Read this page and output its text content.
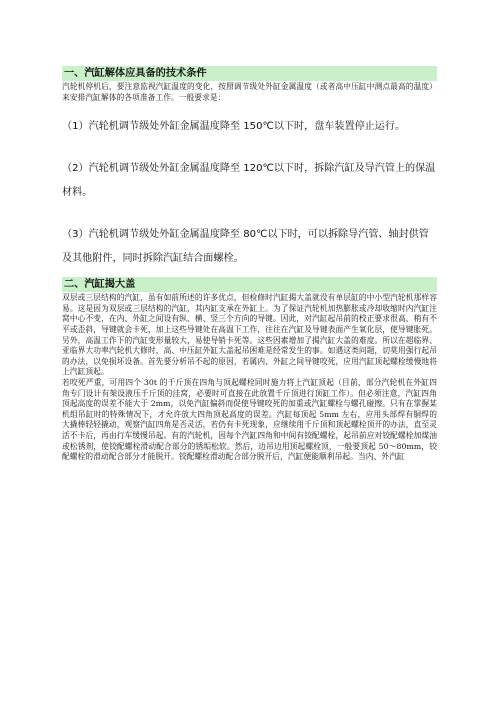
一、汽缸解体应具备的技术条件

汽轮机停机后，要注意监视汽缸温度的变化，按照调节级处外缸金属温度（或者高中压缸中测点最高的温度）来安排汽缸解体的各项准备工作。一般要求是：

（1）汽轮机调节级处外缸金属温度降至 150℃以下时，盘车装置停止运行。

（2）汽轮机调节级处外缸金属温度降至 120℃以下时，拆除汽缸及导汽管上的保温材料。

（3）汽轮机调节级处外缸金属温度降至 80℃以下时，可以拆除导汽管、轴封供管及其他附件，同时拆除汽缸结合面螺栓。

二、汽缸揭大盖

双层或三层结构的汽缸，虽有如前所述的许多优点，但检修时汽缸揭大盖就没有单层缸的中小型汽轮机那样容易。这是因为双层或三层结构的汽缸，其内缸支承在外缸上。为了保证汽轮机加热膨胀或冷却收缩时内汽缸注窝中心不变，在内、外缸之间设有纵、横、竖三个方向的导键。因此，对汽缸起吊前的校正要求很高，稍有不平或歪斜，导键就会卡死，加上这些导键处在高温下工作，往往在汽缸及导键表面产生氧化层，使导键胀死。另外，高温工作下的汽缸变形量较大，易使导销卡死等。这些因素增加了揭汽缸大盖的难度。所以在超临界、亚临界大功率汽轮机大修时，高、中压缸外缸大盖起吊困难是经常发生的事。如遇这类问题，切莫用强行起吊的办法，以免损坏设备。首先要分析吊不起的原因，若属内、外缸之间导键咬死，应用汽缸顶起螺栓缓慢地将上汽缸顶起。

若咬死严重，可用四个 30t 的千斤顶在四角与顶起螺栓同时施力将上汽缸顶起（目前，部分汽轮机在外缸四角专门设计有架设液压千斤顶的洼窝，必要时可直接在此放置千斤顶进行顶缸工作）。但必须注意，汽缸四角顶起高度的误差不能大于 2mm，以免汽缸偏斜而促使导键咬死的加重或汽缸螺栓与螺孔碰擦。只有在掌握某机组吊缸时的特殊情况下，才允许放大四角顶起高度的误差。汽缸每顶起 5mm 左右，应用头部焊有铜焊的大撬棒轻轻撬动，观察汽缸四角是否灵活，若仍有卡死现象，应继续用千斤顶和顶起螺栓顶开的办法，直至灵活不卡后，再由行车缓慢吊起。有的汽轮机，因每个汽缸四角和中间有铰配螺栓，起吊前应对铰配螺栓加煤油或松锈剂，使铰配螺栓滑动配合部分的锈垢松软。然后，边吊边用顶起螺栓顶，一般要顶起 50～80mm，铰配螺栓的滑动配合部分才能脱开。铰配螺栓滑动配合部分脱开后，汽缸便能顺利吊起。当内、外汽缸
